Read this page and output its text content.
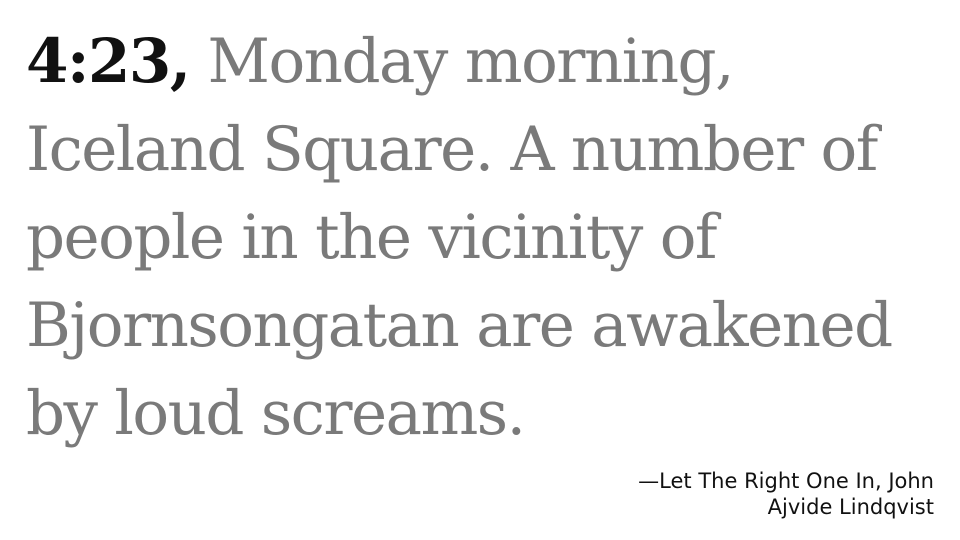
4:23, Monday morning, Iceland Square. A number of people in the vicinity of Bjornsongatan are awakened by loud screams.

—Let The Right One In, John Ajvide Lindqvist
